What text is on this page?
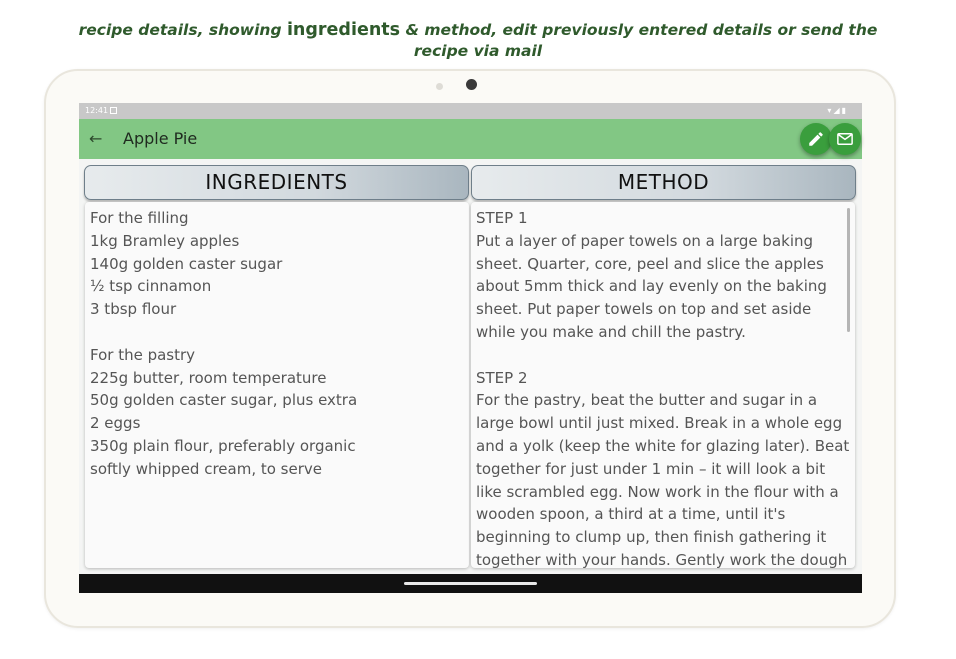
recipe details, showing ingredients & method, edit previously entered details or send the
recipe via mail
12:41	▾◢▮
← Apple Pie
INGREDIENTS	METHOD
For the filling
1kg Bramley apples
140g golden caster sugar
½ tsp cinnamon
3 tbsp flour
For the pastry
225g butter, room temperature
50g golden caster sugar, plus extra
2 eggs
350g plain flour, preferably organic
softly whipped cream, to serve
STEP 1
Put a layer of paper towels on a large baking sheet. Quarter, core, peel and slice the apples about 5mm thick and lay evenly on the baking sheet. Put paper towels on top and set aside while you make and chill the pastry.

STEP 2
For the pastry, beat the butter and sugar in a large bowl until just mixed. Break in a whole egg and a yolk (keep the white for glazing later). Beat together for just under 1 min – it will look a bit like scrambled egg. Now work in the flour with a wooden spoon, a third at a time, until it's beginning to clump up, then finish gathering it together with your hands. Gently work the dough
